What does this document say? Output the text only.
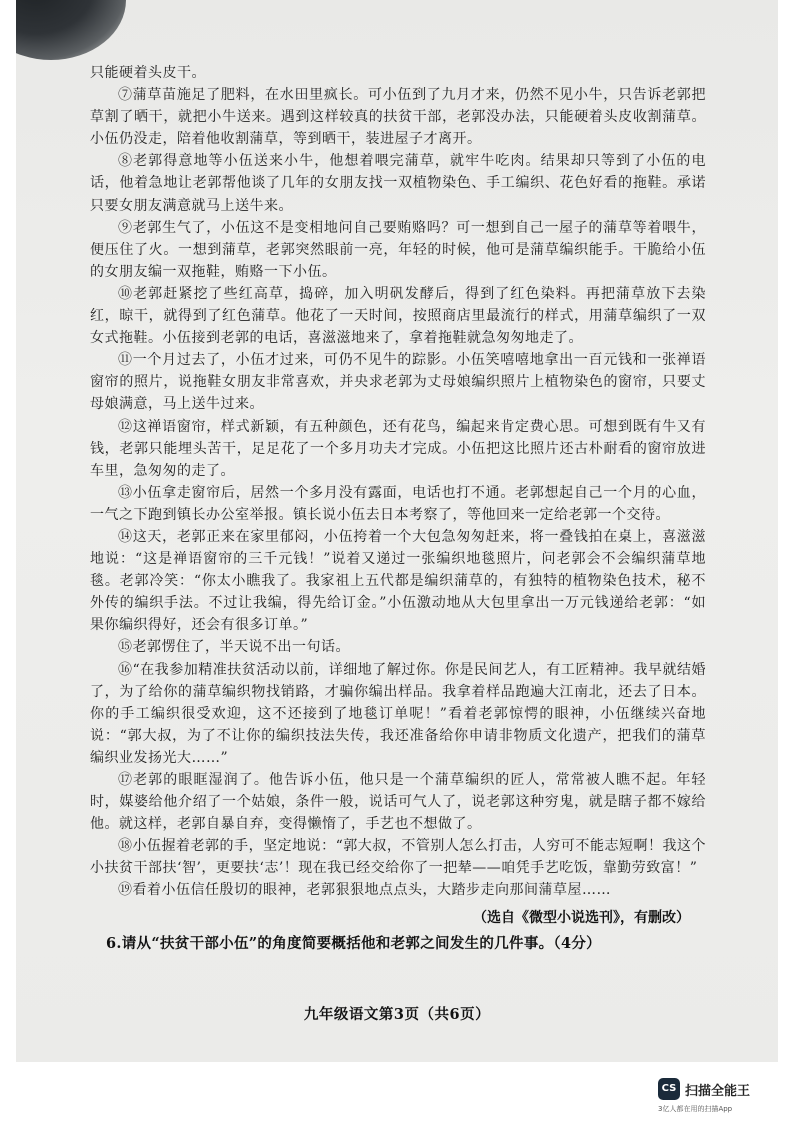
只能硬着头皮干。

⑦蒲草苗施足了肥料，在水田里疯长。可小伍到了九月才来，仍然不见小牛，只告诉老郭把草割了晒干，就把小牛送来。遇到这样较真的扶贫干部，老郭没办法，只能硬着头皮收割蒲草。小伍仍没走，陪着他收割蒲草，等到晒干，装进屋子才离开。

⑧老郭得意地等小伍送来小牛，他想着喂完蒲草，就牢牛吃肉。结果却只等到了小伍的电话，他着急地让老郭帮他谈了几年的女朋友找一双植物染色、手工编织、花色好看的拖鞋。承诺只要女朋友满意就马上送牛来。

⑨老郭生气了，小伍这不是变相地问自己要贿赂吗？可一想到自己一屋子的蒲草等着喂牛，便压住了火。一想到蒲草，老郭突然眼前一亮，年轻的时候，他可是蒲草编织能手。干脆给小伍的女朋友编一双拖鞋，贿赂一下小伍。

⑩老郭赶紧挖了些红高草，捣碎，加入明矾发酵后，得到了红色染料。再把蒲草放下去染红，晾干，就得到了红色蒲草。他花了一天时间，按照商店里最流行的样式，用蒲草编织了一双女式拖鞋。小伍接到老郭的电话，喜滋滋地来了，拿着拖鞋就急匆匆地走了。

⑪一个月过去了，小伍才过来，可仍不见牛的踪影。小伍笑嘻嘻地拿出一百元钱和一张禅语窗帘的照片，说拖鞋女朋友非常喜欢，并央求老郭为丈母娘编织照片上植物染色的窗帘，只要丈母娘满意，马上送牛过来。

⑫这禅语窗帘，样式新颖，有五种颜色，还有花鸟，编起来肯定费心思。可想到既有牛又有钱，老郭只能埋头苦干，足足花了一个多月功夫才完成。小伍把这比照片还古朴耐看的窗帘放进车里，急匆匆的走了。

⑬小伍拿走窗帘后，居然一个多月没有露面，电话也打不通。老郭想起自己一个月的心血，一气之下跑到镇长办公室举报。镇长说小伍去日本考察了，等他回来一定给老郭一个交待。

⑭这天，老郭正来在家里郁闷，小伍挎着一个大包急匆匆赶来，将一叠钱拍在桌上，喜滋滋地说：“这是禅语窗帘的三千元钱！”说着又递过一张编织地毯照片，问老郭会不会编织蒲草地毯。老郭冷笑：“你太小瞧我了。我家祖上五代都是编织蒲草的，有独特的植物染色技术，秘不外传的编织手法。不过让我编，得先给订金。”小伍激动地从大包里拿出一万元钱递给老郭：“如果你编织得好，还会有很多订单。”

⑮老郭愣住了，半天说不出一句话。

⑯“在我参加精准扶贫活动以前，详细地了解过你。你是民间艺人，有工匠精神。我早就结婚了，为了给你的蒲草编织物找销路，才骗你编出样品。我拿着样品跑遍大江南北，还去了日本。你的手工编织很受欢迎，这不还接到了地毯订单呢！”看着老郭惊愕的眼神，小伍继续兴奋地说：“郭大叔，为了不让你的编织技法失传，我还准备给你申请非物质文化遗产，把我们的蒲草编织业发扬光大……”

⑰老郭的眼眶湿润了。他告诉小伍，他只是一个蒲草编织的匠人，常常被人瞧不起。年轻时，媒婆给他介绍了一个姑娘，条件一般，说话可气人了，说老郭这种穷鬼，就是瞎子都不嫁给他。就这样，老郭自暴自弃，变得懒惰了，手艺也不想做了。

⑱小伍握着老郭的手，坚定地说：“郭大叔，不管别人怎么打击，人穷可不能志短啊！我这个小扶贫干部扶‘智’，更要扶‘志’！现在我已经交给你了一把辇——咱凭手艺吃饭，靠勤劳致富！”

⑲看着小伍信任殷切的眼神，老郭狠狠地点点头，大踏步走向那间蒲草屋……

（选自《微型小说选刊》，有删改）
6.请从“扶贫干部小伍”的角度简要概括他和老郭之间发生的几件事。（4分）
九年级语文第3页（共6页）
CS 扫描全能王
3亿人都在用的扫描App
